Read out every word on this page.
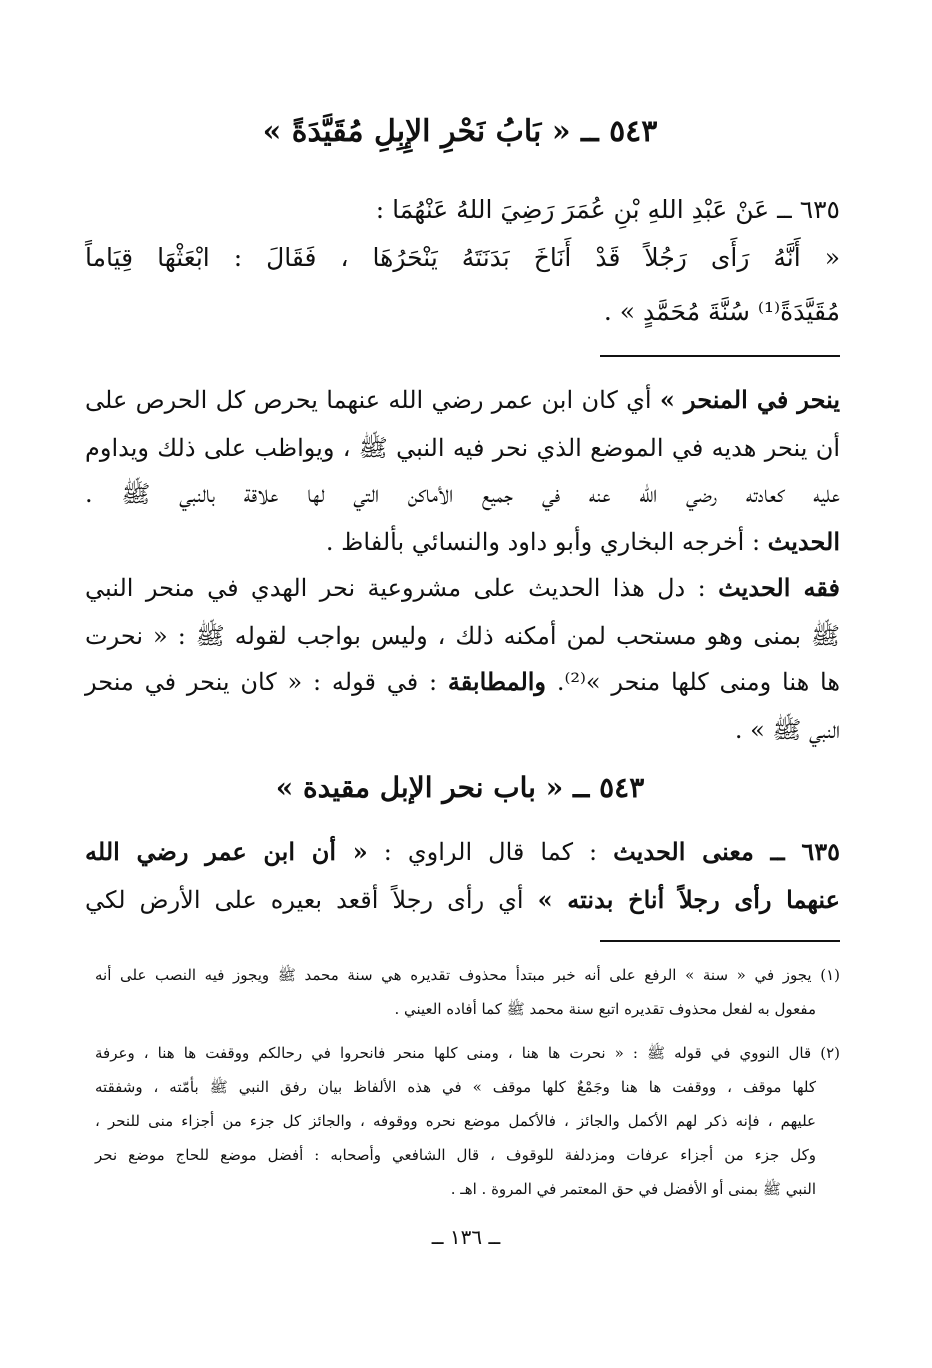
٥٤٣ ــ « بَابُ نَحْرِ الإِبِلِ مُقَيَّدَةً »
٦٣٥ ــ عَنْ عَبْدِ اللهِ بْنِ عُمَرَ رَضِيَ اللهُ عَنْهُمَا :
« أَنَّهُ رَأَى رَجُلاً قَدْ أَنَاخَ بَدَنَتَهُ يَنْحَرُهَا ، فَقَالَ : ابْعَثْهَا قِيَاماً
مُقَيَّدَةً⁽¹⁾ سُنَّةَ مُحَمَّدٍ » .
ينحر في المنحر » أي كان ابن عمر رضي الله عنهما يحرص كل الحرص على
أن ينحر هديه في الموضع الذي نحر فيه النبي ﷺ ، ويواظب على ذلك ويداوم
عليه كعادته رضي الله عنه في جميع الأماكن التي لها علاقة بالنبي ﷺ .
الحديث : أخرجه البخاري وأبو داود والنسائي بألفاظ .
فقه الحديث : دل هذا الحديث على مشروعية نحر الهدي في منحر النبي
ﷺ بمنى وهو مستحب لمن أمكنه ذلك ، وليس بواجب لقوله ﷺ : « نحرت
ها هنا ومنى كلها منحر »⁽²⁾. والمطابقة : في قوله : « كان ينحر في منحر
النبي ﷺ » .
٥٤٣ ــ « باب نحر الإبل مقيدة »
٦٣٥ ــ معنى الحديث : كما قال الراوي : « أن ابن عمر رضي الله
عنهما رأى رجلاً أناخ بدنته » أي رأى رجلاً أقعد بعيره على الأرض لكي
(١) يجوز في « سنة » الرفع على أنه خبر مبتدأ محذوف تقديره هي سنة محمد ﷺ ويجوز فيه النصب على أنه
مفعول به لفعل محذوف تقديره اتبع سنة محمد ﷺ كما أفاده العيني .
(٢) قال النووي في قوله ﷺ : « نحرت ها هنا ، ومنى كلها منحر فانحروا في رحالكم ووقفت ها هنا ، وعرفة
كلها موقف ، ووقفت ها هنا وجَمْعٌ كلها موقف » في هذه الألفاظ بيان رفق النبي ﷺ بأمّته ، وشفقته
عليهم ، فإنه ذكر لهم الأكمل والجائز ، فالأكمل موضع نحره ووقوفه ، والجائز كل جزء من أجزاء منى للنحر ،
وكل جزء من أجزاء عرفات ومزدلفة للوقوف ، قال الشافعي وأصحابه : أفضل موضع للحاج موضع نحر
النبي ﷺ بمنى أو الأفضل في حق المعتمر في المروة . اهـ .
ــ ١٣٦ ــ
